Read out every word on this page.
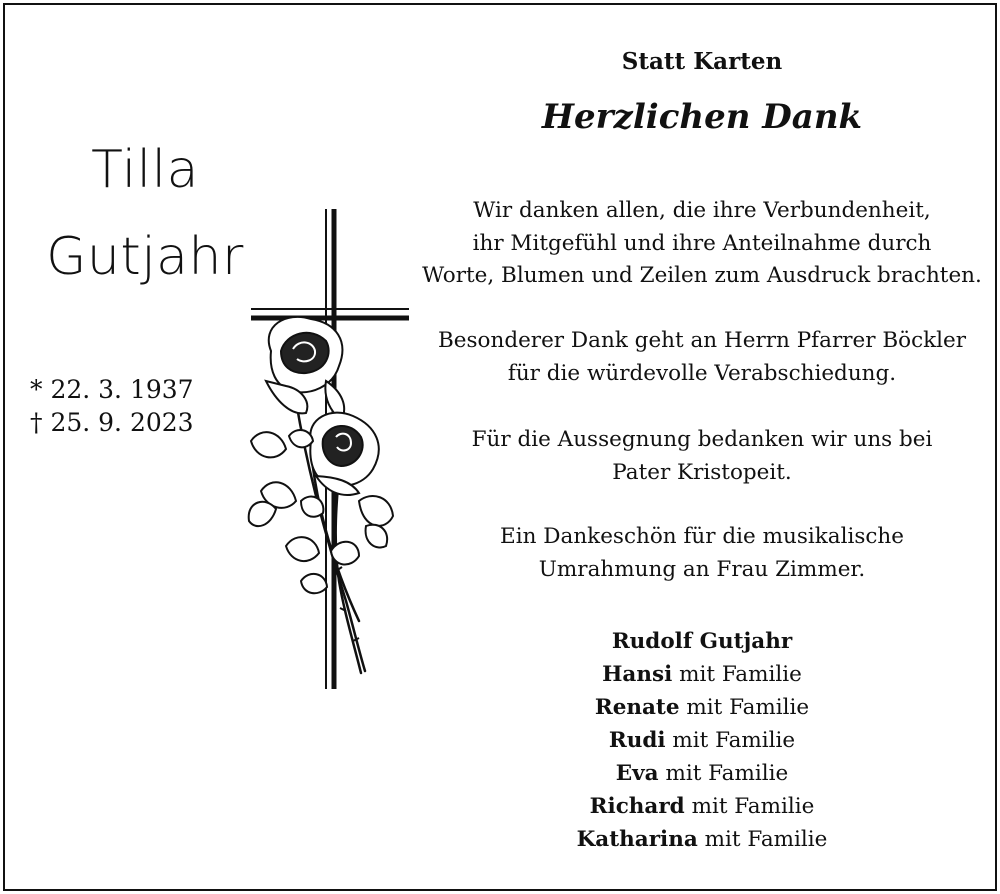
Tilla
Gutjahr
* 22. 3. 1937
† 25. 9. 2023
Statt Karten
Herzlichen Dank
Wir danken allen, die ihre Verbundenheit,
ihr Mitgefühl und ihre Anteilnahme durch
Worte, Blumen und Zeilen zum Ausdruck brachten.
Besonderer Dank geht an Herrn Pfarrer Böckler
für die würdevolle Verabschiedung.
Für die Aussegnung bedanken wir uns bei
Pater Kristopeit.
Ein Dankeschön für die musikalische
Umrahmung an Frau Zimmer.
Rudolf Gutjahr
Hansi mit Familie
Renate mit Familie
Rudi mit Familie
Eva mit Familie
Richard mit Familie
Katharina mit Familie
